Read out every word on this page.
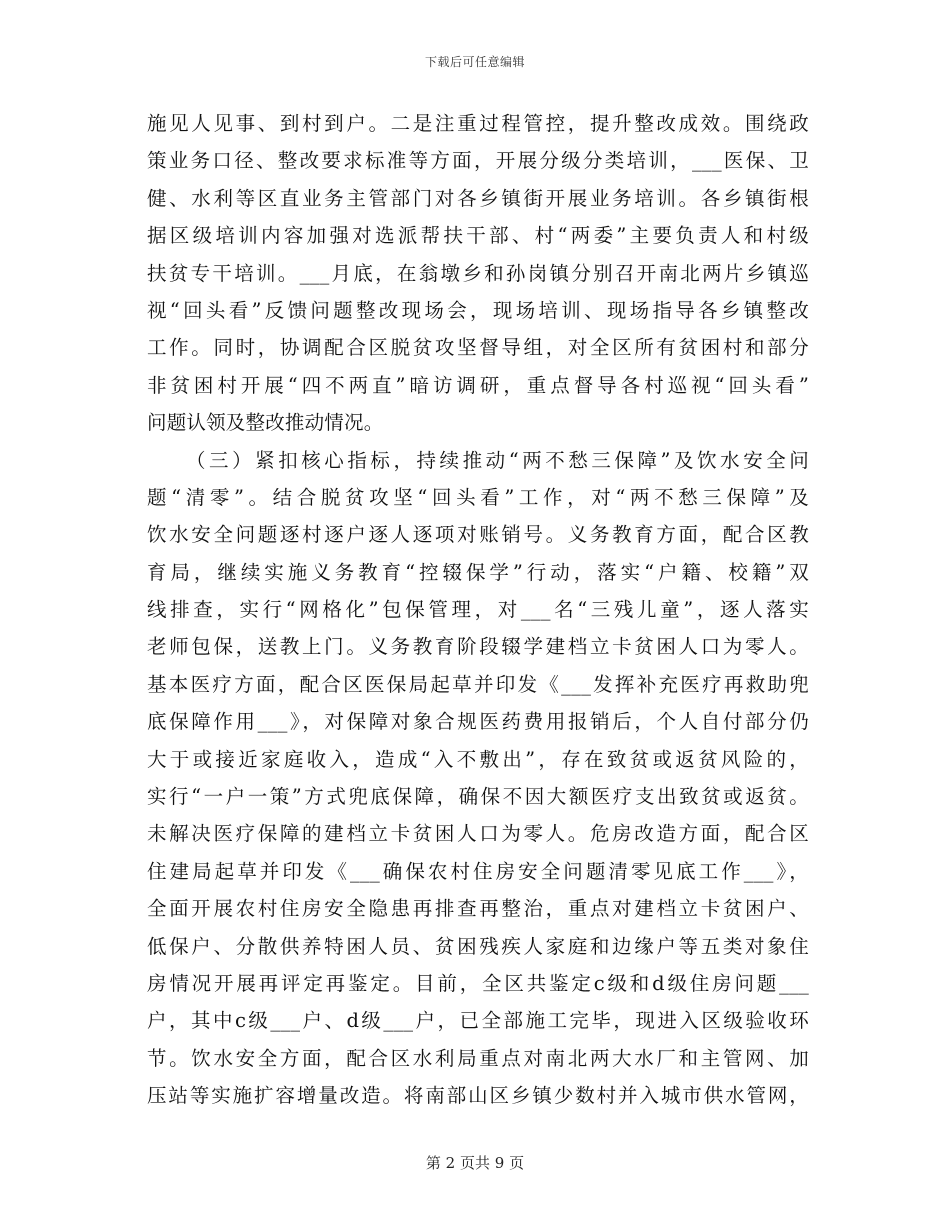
下载后可任意编辑
施见人见事、到村到户。二是注重过程管控，提升整改成效。围绕政
策业务口径、整改要求标准等方面，开展分级分类培训，___医保、卫
健、水利等区直业务主管部门对各乡镇街开展业务培训。各乡镇街根
据区级培训内容加强对选派帮扶干部、村“两委”主要负责人和村级
扶贫专干培训。___月底，在翁墩乡和孙岗镇分别召开南北两片乡镇巡
视“回头看”反馈问题整改现场会，现场培训、现场指导各乡镇整改
工作。同时，协调配合区脱贫攻坚督导组，对全区所有贫困村和部分
非贫困村开展“四不两直”暗访调研，重点督导各村巡视“回头看”
问题认领及整改推动情况。
（三）紧扣核心指标，持续推动“两不愁三保障”及饮水安全问
题“清零”。结合脱贫攻坚“回头看”工作，对“两不愁三保障”及
饮水安全问题逐村逐户逐人逐项对账销号。义务教育方面，配合区教
育局，继续实施义务教育“控辍保学”行动，落实“户籍、校籍”双
线排查，实行“网格化”包保管理，对___名“三残儿童”，逐人落实
老师包保，送教上门。义务教育阶段辍学建档立卡贫困人口为零人。
基本医疗方面，配合区医保局起草并印发《___发挥补充医疗再救助兜
底保障作用___》，对保障对象合规医药费用报销后，个人自付部分仍
大于或接近家庭收入，造成“入不敷出”，存在致贫或返贫风险的，
实行“一户一策”方式兜底保障，确保不因大额医疗支出致贫或返贫。
未解决医疗保障的建档立卡贫困人口为零人。危房改造方面，配合区
住建局起草并印发《___确保农村住房安全问题清零见底工作___》，
全面开展农村住房安全隐患再排查再整治，重点对建档立卡贫困户、
低保户、分散供养特困人员、贫困残疾人家庭和边缘户等五类对象住
房情况开展再评定再鉴定。目前，全区共鉴定c级和d级住房问题___
户，其中c级___户、d级___户，已全部施工完毕，现进入区级验收环
节。饮水安全方面，配合区水利局重点对南北两大水厂和主管网、加
压站等实施扩容增量改造。将南部山区乡镇少数村并入城市供水管网，
第 2 页共 9 页
